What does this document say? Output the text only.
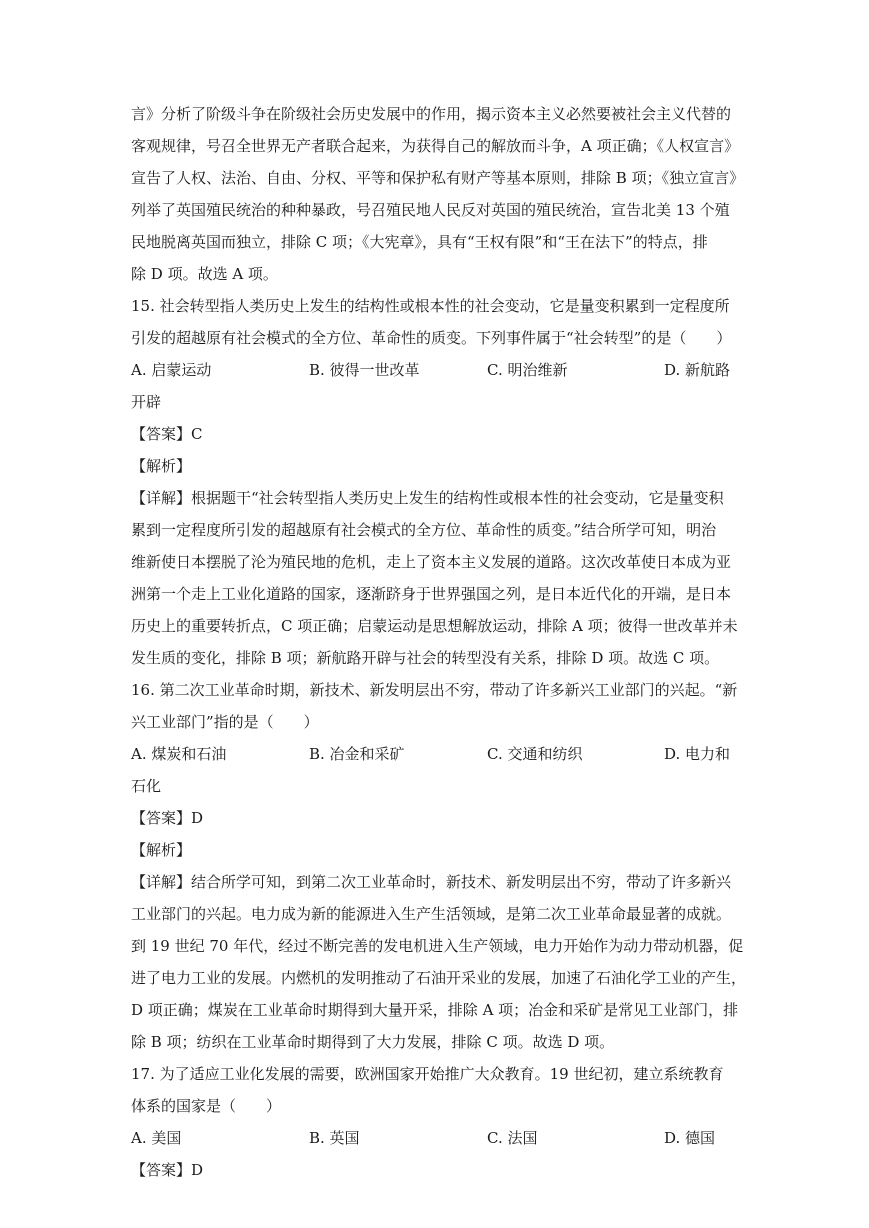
言》分析了阶级斗争在阶级社会历史发展中的作用，揭示资本主义必然要被社会主义代替的
客观规律，号召全世界无产者联合起来，为获得自己的解放而斗争，A 项正确；《人权宣言》
宣告了人权、法治、自由、分权、平等和保护私有财产等基本原则，排除 B 项；《独立宣言》
列举了英国殖民统治的种种暴政，号召殖民地人民反对英国的殖民统治，宣告北美 13 个殖
民地脱离英国而独立，排除 C 项；《大宪章》，具有“王权有限”和“王在法下”的特点，排
除 D 项。故选 A 项。
15. 社会转型指人类历史上发生的结构性或根本性的社会变动，它是量变积累到一定程度所
引发的超越原有社会模式的全方位、革命性的质变。下列事件属于“社会转型”的是（　　）
A. 启蒙运动	B. 彼得一世改革	C. 明治维新	D. 新航路
开辟
【答案】C
【解析】
【详解】根据题干“社会转型指人类历史上发生的结构性或根本性的社会变动，它是量变积
累到一定程度所引发的超越原有社会模式的全方位、革命性的质变。”结合所学可知，明治
维新使日本摆脱了沦为殖民地的危机，走上了资本主义发展的道路。这次改革使日本成为亚
洲第一个走上工业化道路的国家，逐渐跻身于世界强国之列，是日本近代化的开端，是日本
历史上的重要转折点，C 项正确；启蒙运动是思想解放运动，排除 A 项；彼得一世改革并未
发生质的变化，排除 B 项；新航路开辟与社会的转型没有关系，排除 D 项。故选 C 项。
16. 第二次工业革命时期，新技术、新发明层出不穷，带动了许多新兴工业部门的兴起。“新
兴工业部门”指的是（　　）
A. 煤炭和石油	B. 冶金和采矿	C. 交通和纺织	D. 电力和
石化
【答案】D
【解析】
【详解】结合所学可知，到第二次工业革命时，新技术、新发明层出不穷，带动了许多新兴
工业部门的兴起。电力成为新的能源进入生产生活领域，是第二次工业革命最显著的成就。
到 19 世纪 70 年代，经过不断完善的发电机进入生产领域，电力开始作为动力带动机器，促
进了电力工业的发展。内燃机的发明推动了石油开采业的发展，加速了石油化学工业的产生，
D 项正确；煤炭在工业革命时期得到大量开采，排除 A 项；冶金和采矿是常见工业部门，排
除 B 项；纺织在工业革命时期得到了大力发展，排除 C 项。故选 D 项。
17. 为了适应工业化发展的需要，欧洲国家开始推广大众教育。19 世纪初，建立系统教育
体系的国家是（　　）
A. 美国	B. 英国	C. 法国	D. 德国
【答案】D
